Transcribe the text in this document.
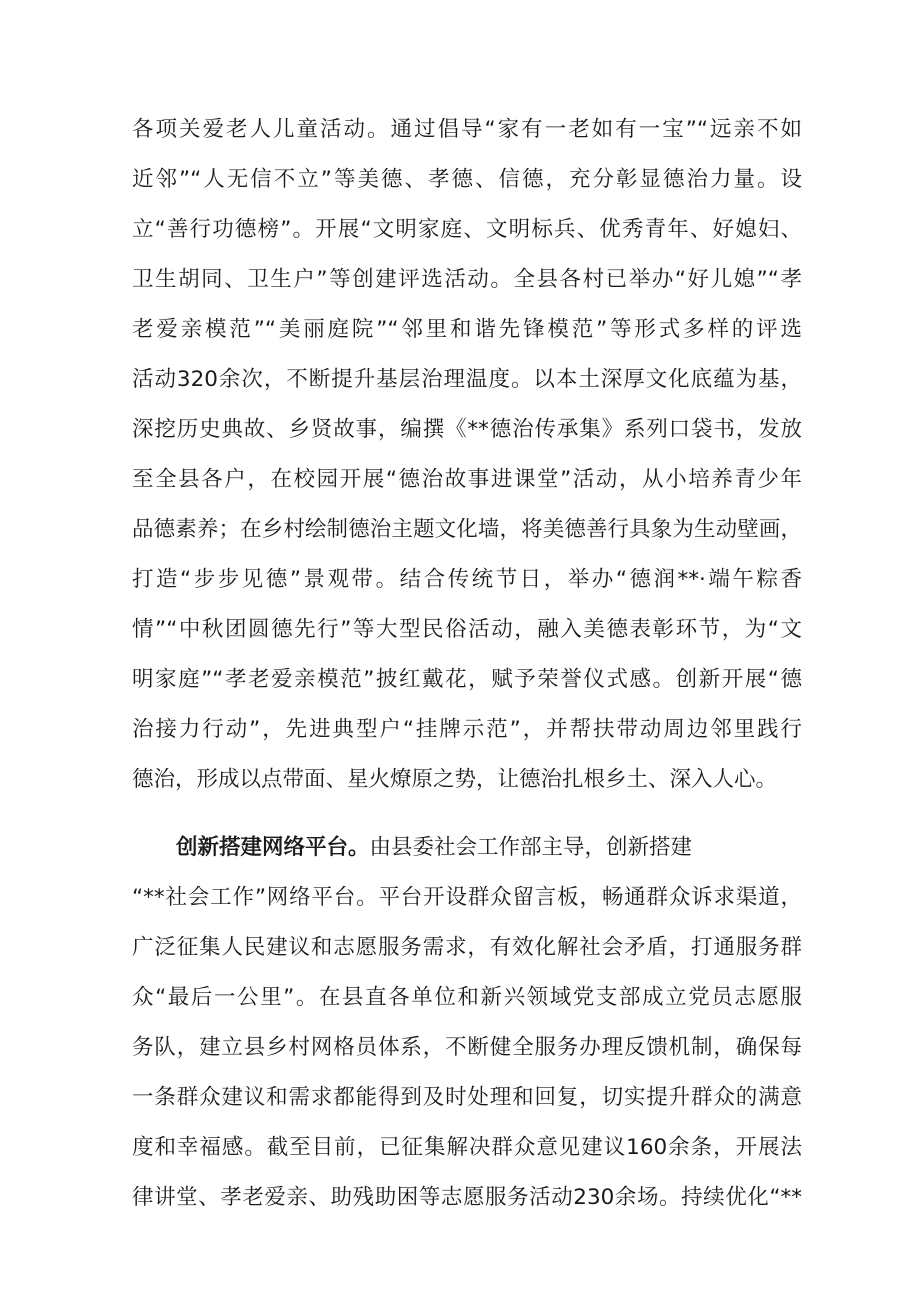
各项关爱老人儿童活动。通过倡导“家有一老如有一宝”“远亲不如
近邻”“人无信不立”等美德、孝德、信德，充分彰显德治力量。设
立“善行功德榜”。开展“文明家庭、文明标兵、优秀青年、好媳妇、
卫生胡同、卫生户”等创建评选活动。全县各村已举办“好儿媳”“孝
老爱亲模范”“美丽庭院”“邻里和谐先锋模范”等形式多样的评选
活动320余次，不断提升基层治理温度。以本土深厚文化底蕴为基，
深挖历史典故、乡贤故事，编撰《**德治传承集》系列口袋书，发放
至全县各户，在校园开展“德治故事进课堂”活动，从小培养青少年
品德素养；在乡村绘制德治主题文化墙，将美德善行具象为生动壁画，
打造“步步见德”景观带。结合传统节日，举办“德润**·端午粽香
情”“中秋团圆德先行”等大型民俗活动，融入美德表彰环节，为“文
明家庭”“孝老爱亲模范”披红戴花，赋予荣誉仪式感。创新开展“德
治接力行动”，先进典型户“挂牌示范”，并帮扶带动周边邻里践行
德治，形成以点带面、星火燎原之势，让德治扎根乡土、深入人心。
创新搭建网络平台。由县委社会工作部主导，创新搭建
“**社会工作”网络平台。平台开设群众留言板，畅通群众诉求渠道，
广泛征集人民建议和志愿服务需求，有效化解社会矛盾，打通服务群
众“最后一公里”。在县直各单位和新兴领域党支部成立党员志愿服
务队，建立县乡村网格员体系，不断健全服务办理反馈机制，确保每
一条群众建议和需求都能得到及时处理和回复，切实提升群众的满意
度和幸福感。截至目前，已征集解决群众意见建议160余条，开展法
律讲堂、孝老爱亲、助残助困等志愿服务活动230余场。持续优化“**
